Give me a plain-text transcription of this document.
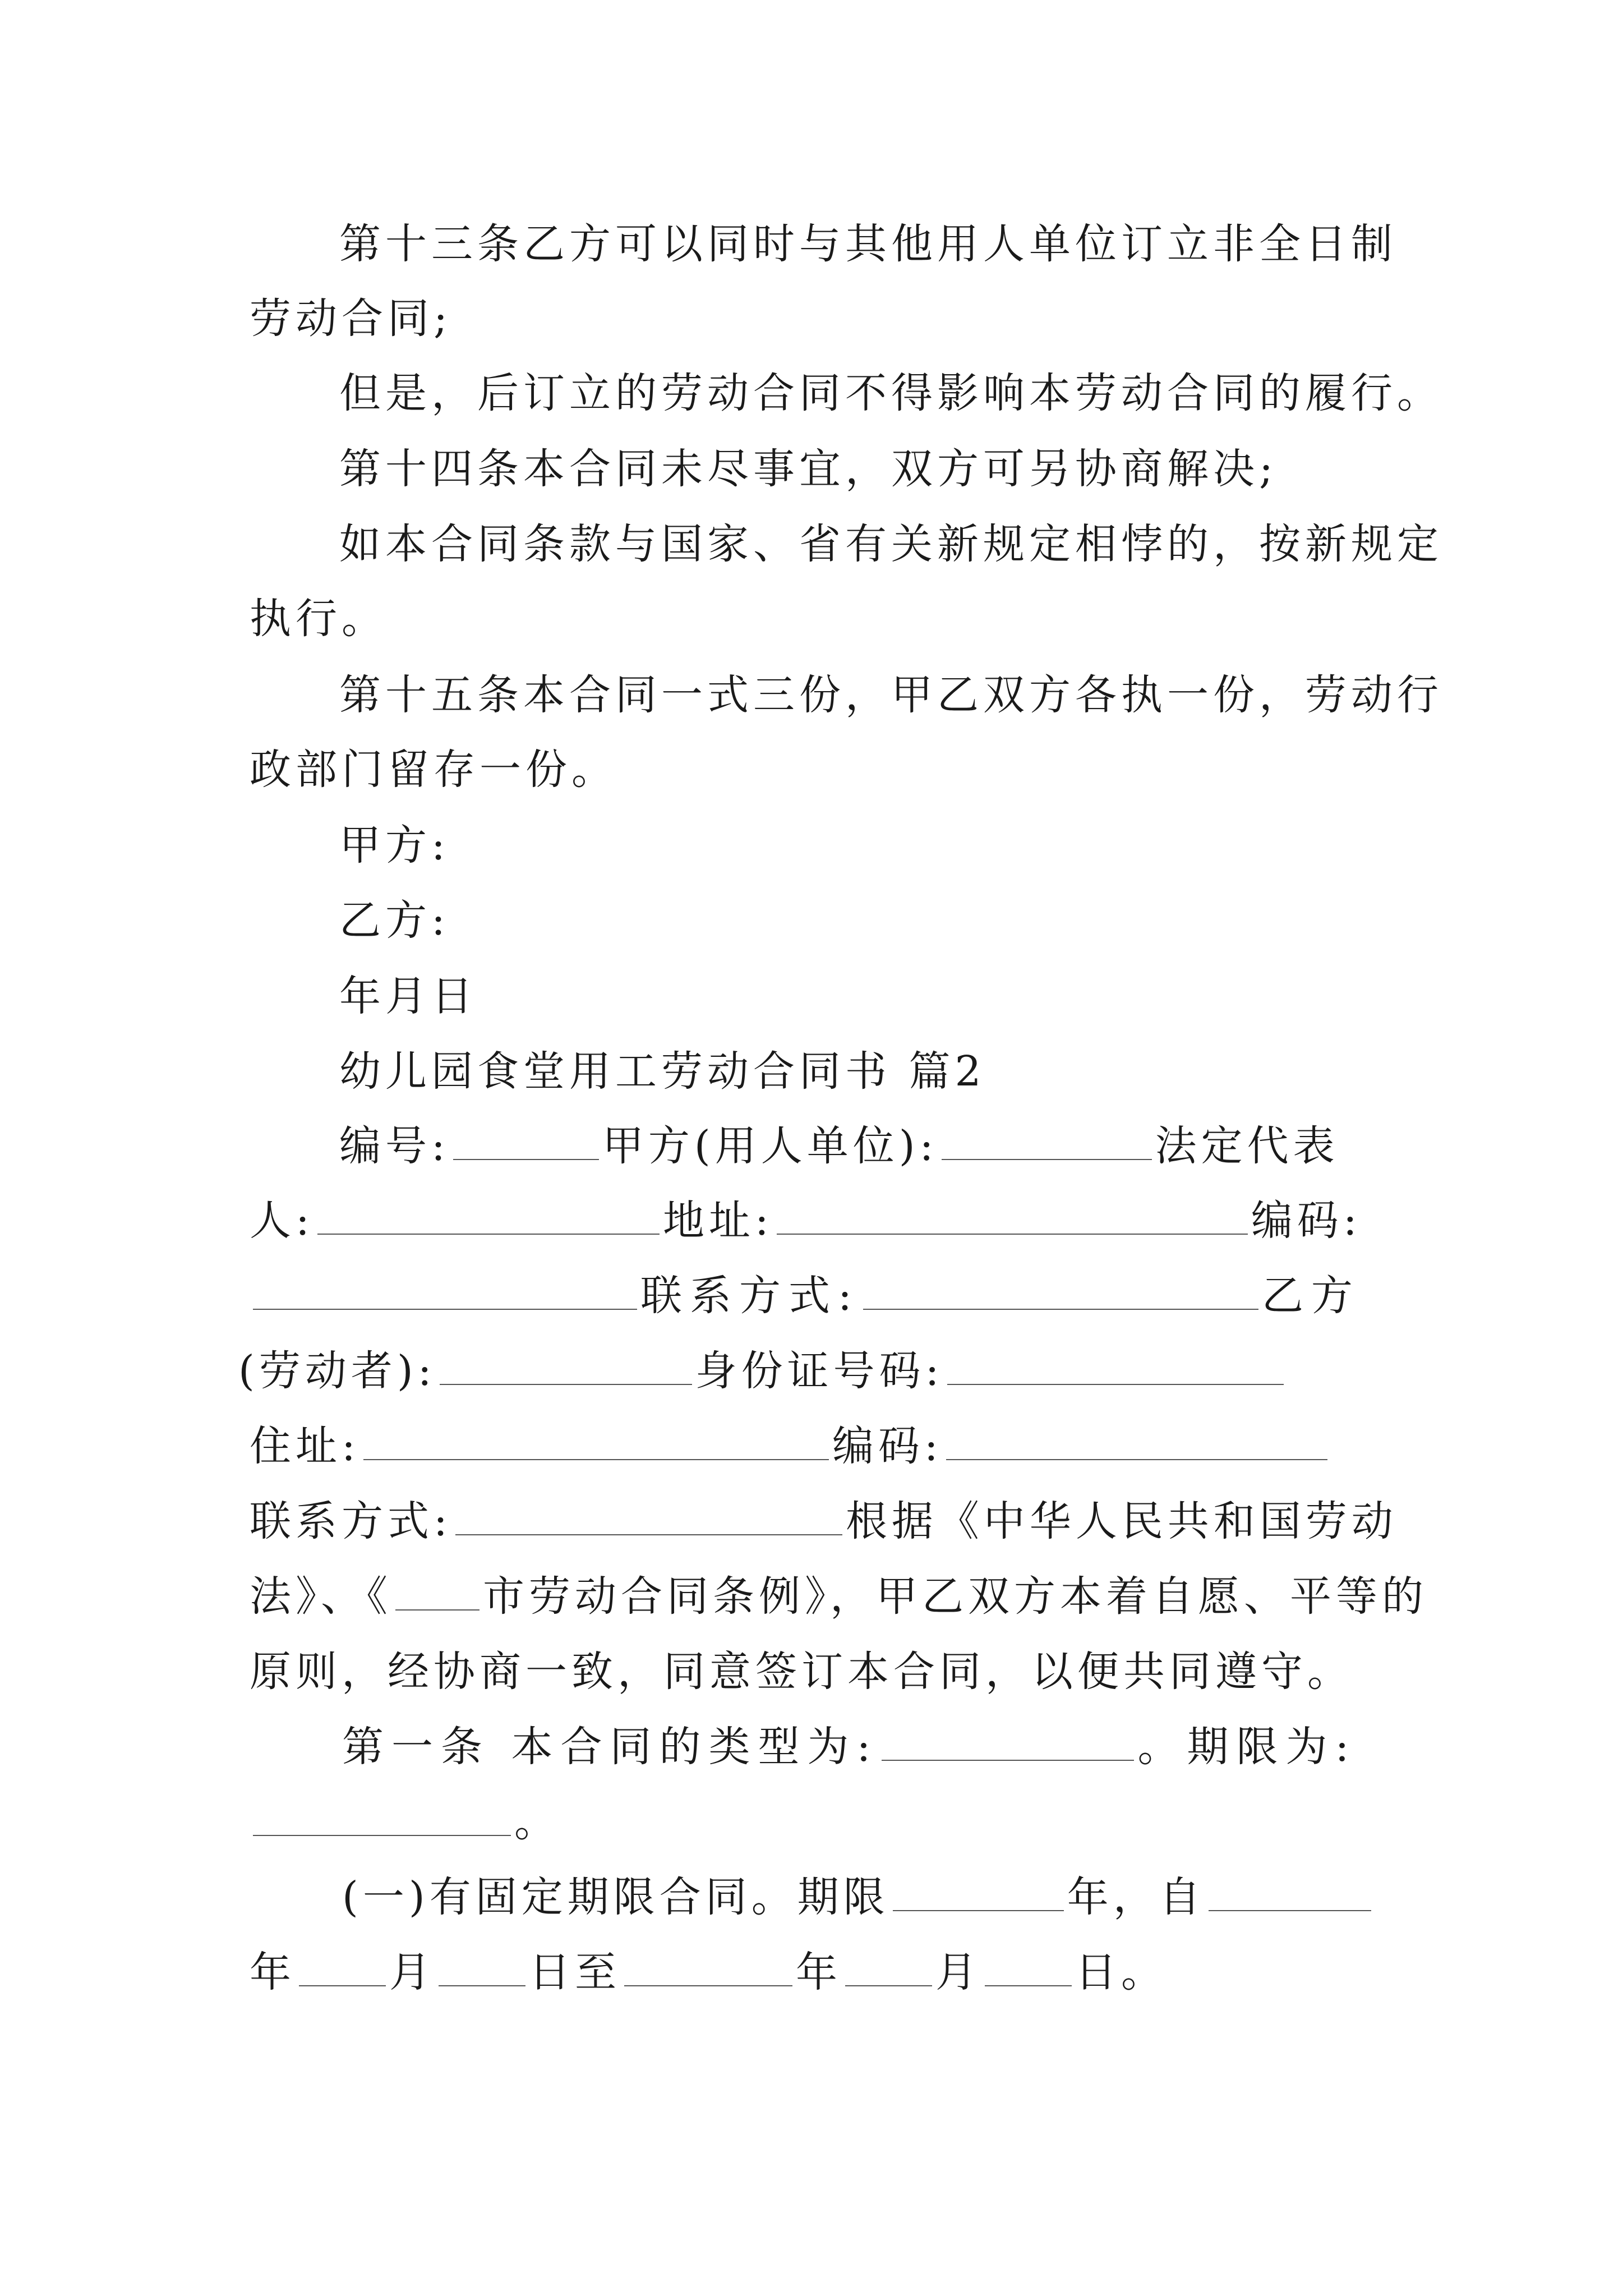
第十三条乙方可以同时与其他用人单位订立非全日制
劳动合同;
但是，后订立的劳动合同不得影响本劳动合同的履行。
第十四条本合同未尽事宜，双方可另协商解决;
如本合同条款与国家、省有关新规定相悖的，按新规定
执行。
第十五条本合同一式三份，甲乙双方各执一份，劳动行
政部门留存一份。
甲方:
乙方:
年月日
幼儿园食堂用工劳动合同书 篇2
编号:	甲方(用人单位):	法定代表
人:	地址:	编码:
联系方式:	乙方
(劳动者):	身份证号码:
住址:	编码:
联系方式:	根据《中华人民共和国劳动
法》、《 市劳动合同条例》，甲乙双方本着自愿、平等的
原则，经协商一致，同意签订本合同，以便共同遵守。
第一条 本合同的类型为:	。期限为:
。
(一)有固定期限合同。期限	年，自
年 月 日至	年 月 日。
